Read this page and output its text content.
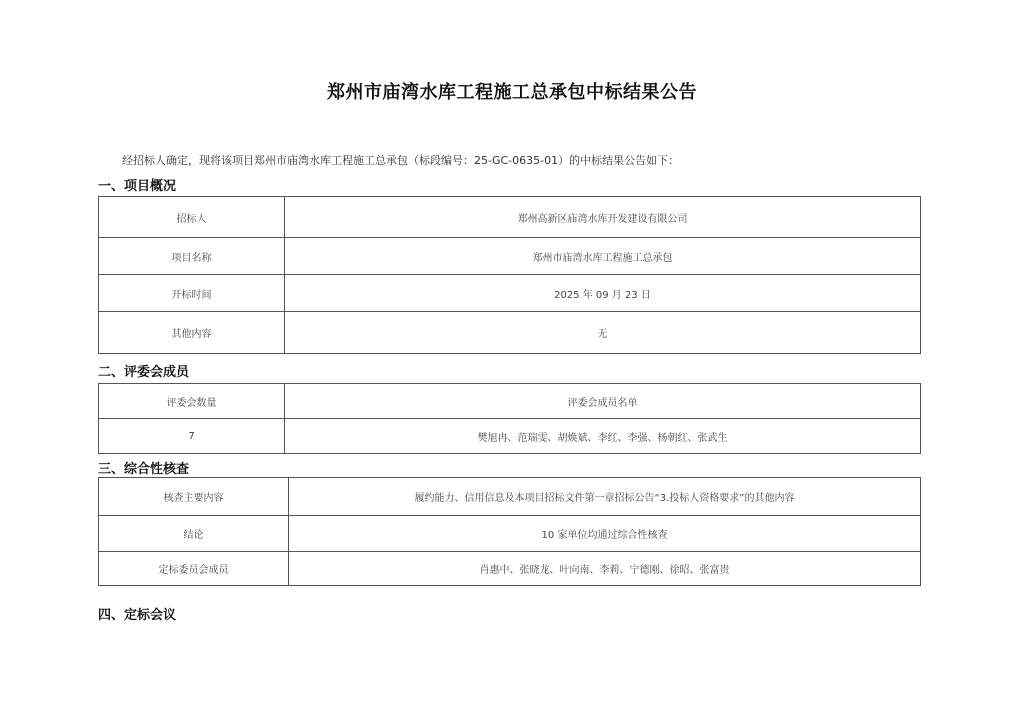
郑州市庙湾水库工程施工总承包中标结果公告
经招标人确定，现将该项目郑州市庙湾水库工程施工总承包（标段编号：25-GC-0635-01）的中标结果公告如下：
一、项目概况
招标人	郑州高新区庙湾水库开发建设有限公司
项目名称	郑州市庙湾水库工程施工总承包
开标时间	2025 年 09 月 23 日
其他内容	无
二、评委会成员
评委会数量	评委会成员名单
7	樊旭冉、范瑞雯、胡焕斌、李红、李强、杨朝红、张武生
三、综合性核查
核查主要内容	履约能力、信用信息及本项目招标文件第一章招标公告“3.投标人资格要求”的其他内容
结论	10 家单位均通过综合性核查
定标委员会成员	肖惠中、张晓龙、叶向南、李莉、宁德刚、徐昭、张富贵
四、定标会议
